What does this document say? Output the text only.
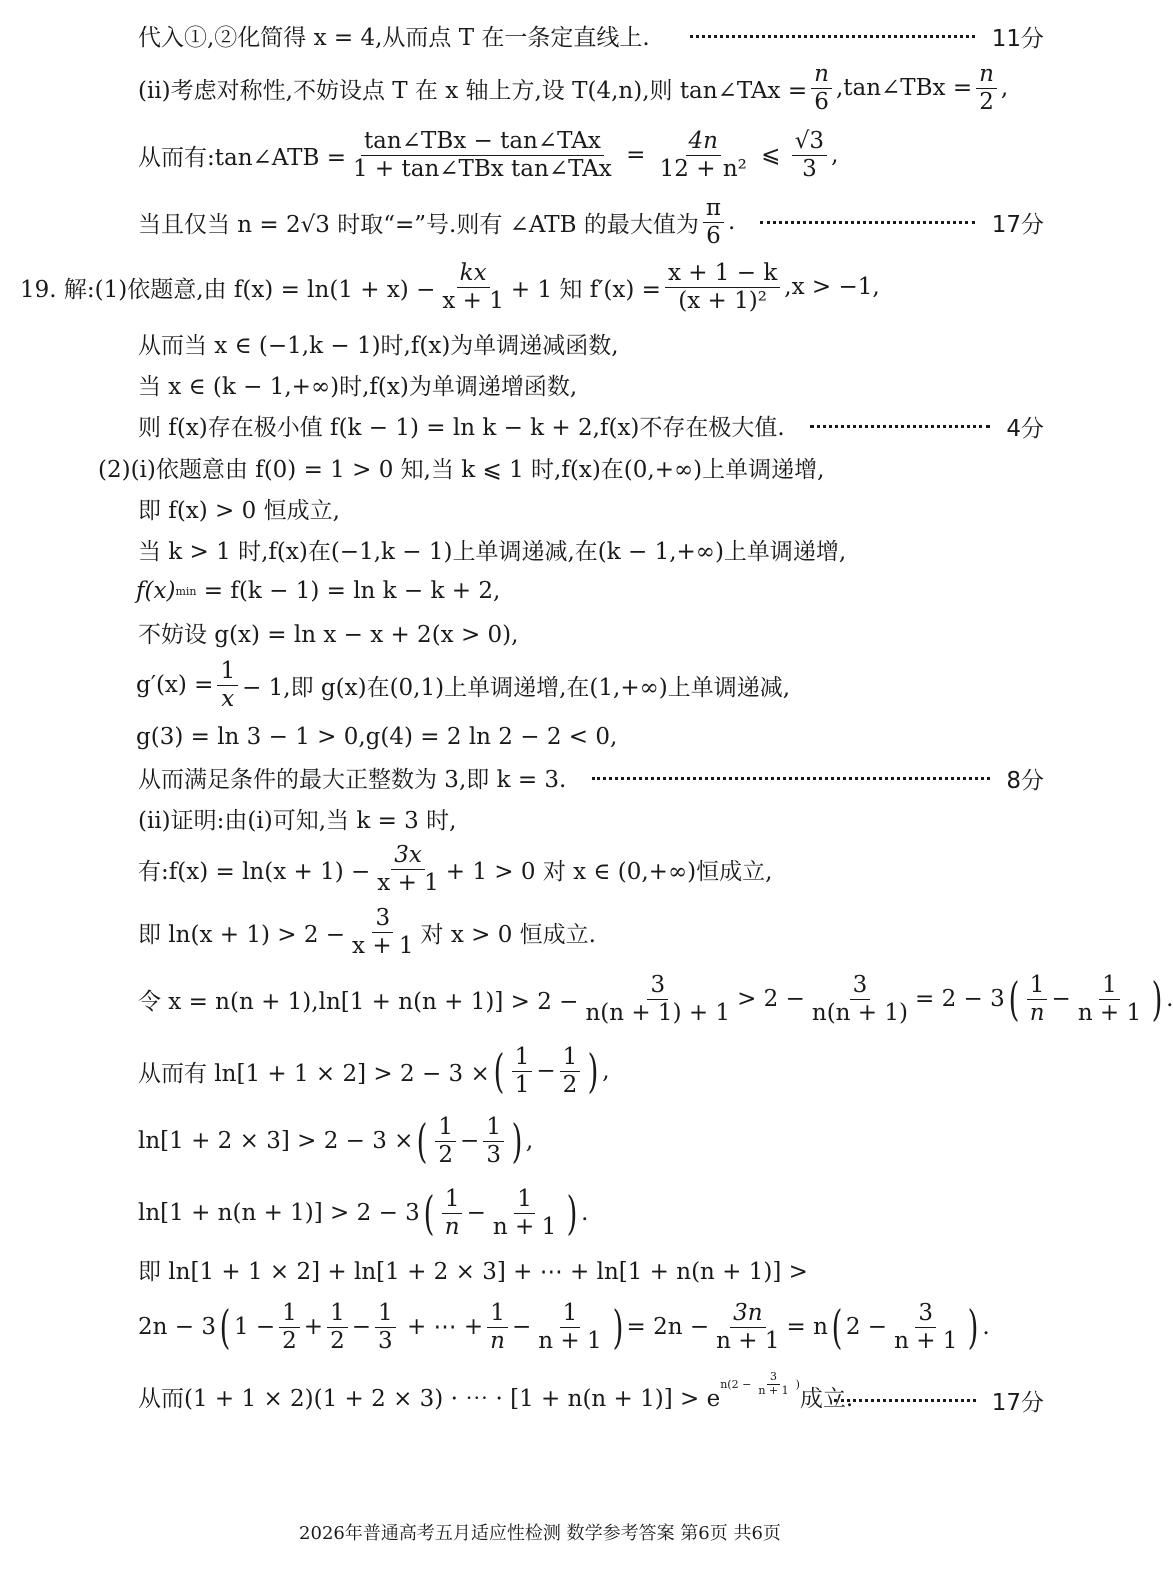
代入①,②化简得 x = 4,从而点 T 在一条定直线上.	11分
(ii)考虑对称性,不妨设点 T 在 x 轴上方,设 T(4,n),则 tan∠TAx = $\frac{n}{6}$ ,tan∠TBx = $\frac{n}{2}$ ,
从而有:tan∠ATB =
tan∠TBx − tan∠TAx
1 + tan∠TBx tan∠TAx
= $\frac{4n}{\text{12 + n²}}$ ⩽
√3
3
,
当且仅当 n = 2√3 时取“=”号.则有 ∠ATB 的最大值为
π
6
.	17分
19. 解:(1)依题意,由 $f(x) = \ln(1 + x) - \frac{kx}{x + 1} + 1$ 知 $f'(x) = \frac{x + 1 - k}{\text{(x + 1)²}} ,x > -1$,
从而当 x ∈ (−1,k − 1)时,f(x)为单调递减函数,
当 x ∈ (k − 1,+∞)时,f(x)为单调递增函数,
则 f(x)存在极小值 f(k − 1) = ln k − k + 2,f(x)不存在极大值.	4分
(2)(i)依题意由 f(0) = 1 > 0 知,当 k ⩽ 1 时,f(x)在(0,+∞)上单调递增,
即 f(x) > 0 恒成立,
当 k > 1 时,f(x)在(−1,k − 1)上单调递减,在(k − 1,+∞)上单调递增,
f(x) min
= f(k − 1) = ln k − k + 2,
不妨设 g(x) = ln x − x + 2(x > 0),
$g'(x) = \frac{1}{x} - 1$,即 g(x)在(0,1)上单调递增,在(1,+∞)上单调递减,
g(3) = ln 3 − 1 > 0,g(4) = 2 ln 2 − 2 < 0,
从而满足条件的最大正整数为 3,即 k = 3.	8分
(ii)证明:由(i)可知,当 k = 3 时,
有:f(x) = $\ln(x + 1) - \frac{3x}{x + 1} + 1 > 0$ 对 x ∈ (0,+∞)恒成立,
即 $\ln(x + 1) > 2 - \frac{3}{x + 1}$ 对 x > 0 恒成立.
令 $x = n(n + 1),\ln[1 + n(n + 1)] > 2 - \frac{3}{n(n + 1) + 1} > 2 - \frac{3}{n(n + 1)} = 2 - 3$ ( 1
n
− $\frac{1}{n + 1}$ ) .
从而有 ln[1 + 1 × 2] > 2 − 3 × ( 1
1
− $\frac{1}{2}$ ) ,
ln[1 + 2 × 3] > 2 − 3 × ( 1
2
− $\frac{1}{3}$ ) ,
ln[1 + n(n + 1)] > 2 − 3 ( 1
n
− $\frac{1}{n + 1}$ ) .
即 ln[1 + 1 × 2] + ln[1 + 2 × 3] + ⋯ + ln[1 + n(n + 1)] >
2n − 3 ( $1 - \frac{1}{2} + \frac{1}{2} - \frac{1}{3}$ + ⋯ + $\frac{1}{n} - \frac{1}{n + 1}$ ) = $2n - \frac{3n}{n + 1} = n$ ( $2 - \frac{3}{n + 1}$ ) .
从而(1 + 1 × 2)(1 + 2 × 3) · ⋯ · [1 + n(n + 1)] > e
$^{n(2 - \frac{3}{n + 1} )}$
成立.	17分
2026年普通高考五月适应性检测 数学参考答案 第6页 共6页
